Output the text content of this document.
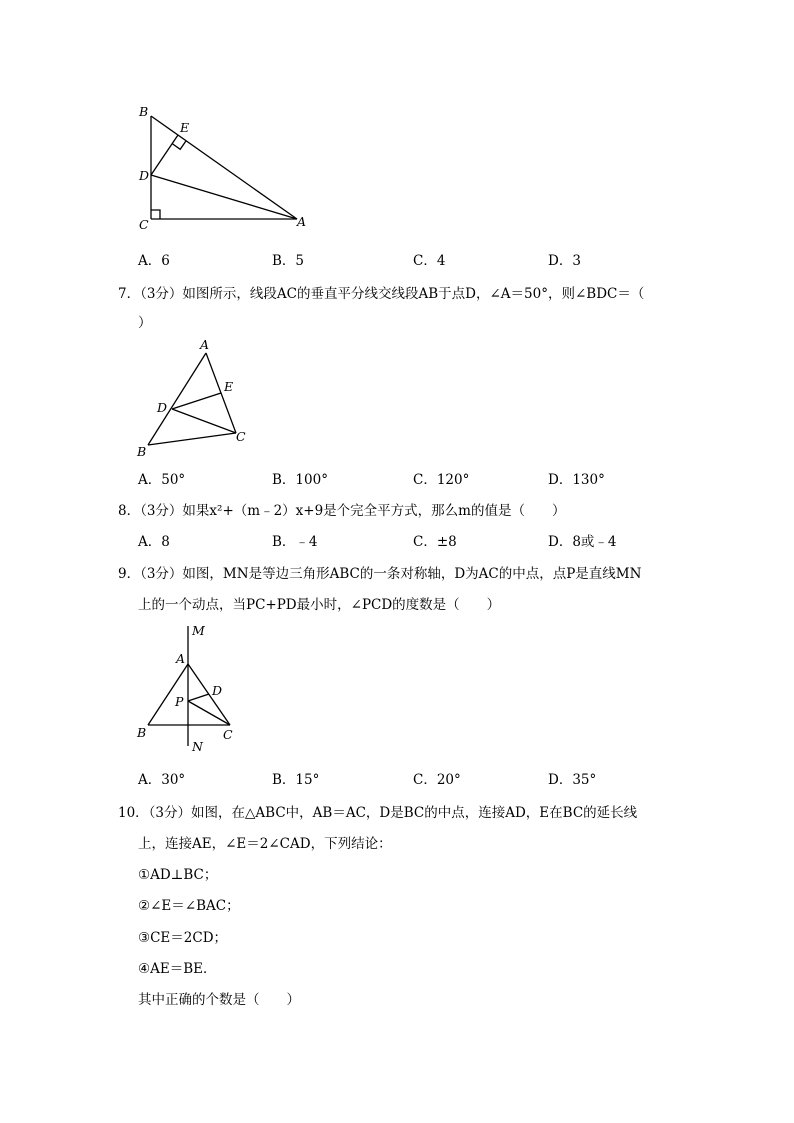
B
E
D
C	A
A．6	B．5	C．4	D．3
7．（3分）如图所示，线段AC的垂直平分线交线段AB于点D，∠A＝50°，则∠BDC＝（
）
A
E
D
B
C
A．50°	B．100°	C．120°	D．130°
8．（3分）如果x²+（m﹣2）x+9是个完全平方式，那么m的值是（　　）
A．8	B．﹣4	C．±8	D．8或﹣4
9．（3分）如图，MN是等边三角形ABC的一条对称轴，D为AC的中点，点P是直线MN
上的一个动点，当PC+PD最小时，∠PCD的度数是（　　）
M
A
D
P
B
N
C
A．30°	B．15°	C．20°	D．35°
10．（3分）如图，在△ABC中，AB＝AC，D是BC的中点，连接AD，E在BC的延长线
上，连接AE，∠E＝2∠CAD，下列结论：
①AD⊥BC；
②∠E＝∠BAC；
③CE＝2CD；
④AE＝BE．
其中正确的个数是（　　）
